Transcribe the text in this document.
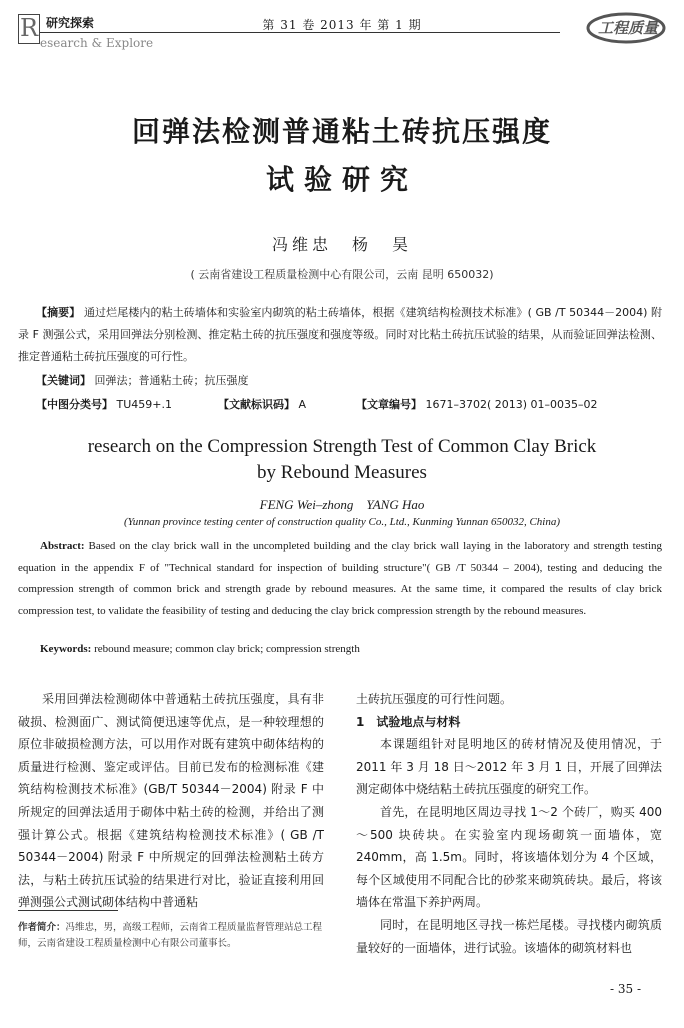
R 研究探索
esearch & Explore
第 31 卷 2013 年 第 1 期	工程质量
回弹法检测普通粘土砖抗压强度
试验研究
冯维忠　杨　昊
( 云南省建设工程质量检测中心有限公司，云南 昆明 650032)
【摘要】 通过烂尾楼内的粘土砖墙体和实验室内砌筑的粘土砖墙体，根据《建筑结构检测技术标准》( GB /T 50344－2004) 附录 F 测强公式，采用回弹法分别检测、推定粘土砖的抗压强度和强度等级。同时对比粘土砖抗压试验的结果，从而验证回弹法检测、推定普通粘土砖抗压强度的可行性。
【关键词】 回弹法；普通粘土砖；抗压强度
【中图分类号】 TU459+.1	【文献标识码】 A	【文章编号】 1671–3702( 2013) 01–0035–02
research on the Compression Strength Test of Common Clay Brick
by Rebound Measures
FENG Wei–zhong　YANG Hao
(Yunnan province testing center of construction quality Co., Ltd., Kunming Yunnan 650032, China)
Abstract: Based on the clay brick wall in the uncompleted building and the clay brick wall laying in the laboratory and strength testing equation in the appendix F of "Technical standard for inspection of building structure"( GB /T 50344 – 2004), testing and deducing the compression strength of common brick and strength grade by rebound measures. At the same time, it compared the results of clay brick compression test, to validate the feasibility of testing and deducing the clay brick compression strength by the rebound measures.
Keywords: rebound measure; common clay brick; compression strength

采用回弹法检测砌体中普通粘土砖抗压强度，具有非破损、检测面广、测试简便迅速等优点，是一种较理想的原位非破损检测方法，可以用作对既有建筑中砌体结构的质量进行检测、鉴定或评估。目前已发布的检测标准《建筑结构检测技术标准》(GB/T 50344－2004) 附录 F 中所规定的回弹法适用于砌体中粘土砖的检测，并给出了测强计算公式。根据《建筑结构检测技术标准》( GB /T 50344－2004) 附录 F 中所规定的回弹法检测粘土砖方法，与粘土砖抗压试验的结果进行对比，验证直接利用回弹测强公式测试砌体结构中普通粘

土砖抗压强度的可行性问题。

1　试验地点与材料

本课题组针对昆明地区的砖材情况及使用情况，于 2011 年 3 月 18 日～2012 年 3 月 1 日，开展了回弹法测定砌体中烧结粘土砖抗压强度的研究工作。

首先，在昆明地区周边寻找 1～2 个砖厂，购买 400～500 块砖块。在实验室内现场砌筑一面墙体，宽 240mm，高 1.5m。同时，将该墙体划分为 4 个区域，每个区域使用不同配合比的砂浆来砌筑砖块。最后，将该墙体在常温下养护两周。

同时，在昆明地区寻找一栋烂尾楼。寻找楼内砌筑质量较好的一面墙体，进行试验。该墙体的砌筑材料也

作者简介：冯维忠，男，高级工程师，云南省工程质量监督管理站总工程师，云南省建设工程质量检测中心有限公司董事长。
- 35 -
